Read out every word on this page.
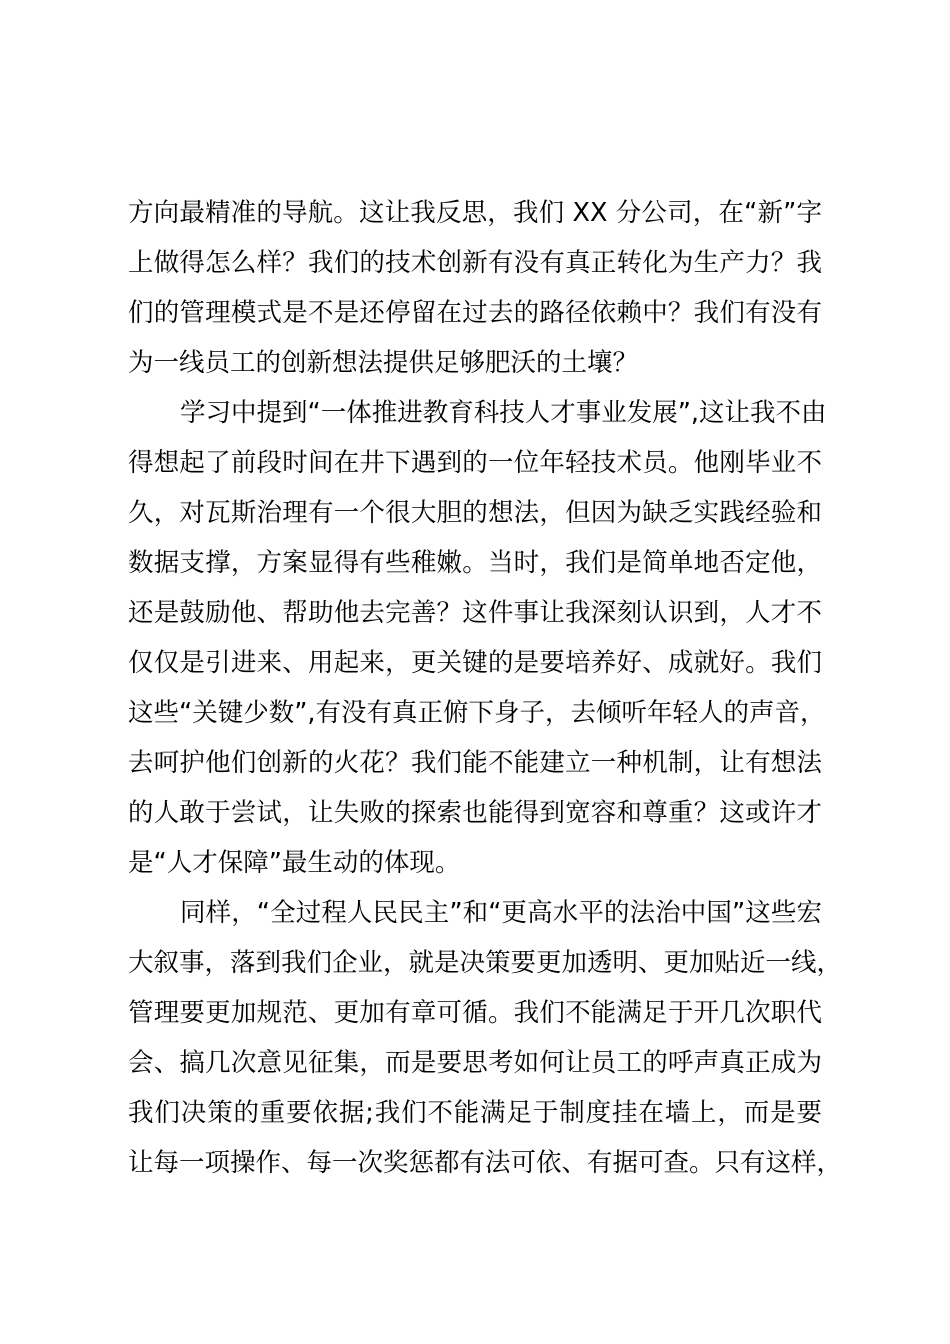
方向最精准的导航。这让我反思，我们 XX 分公司，在“新”字
上做得怎么样？我们的技术创新有没有真正转化为生产力？我
们的管理模式是不是还停留在过去的路径依赖中？我们有没有
为一线员工的创新想法提供足够肥沃的土壤？
学习中提到“一体推进教育科技人才事业发展”,这让我不由
得想起了前段时间在井下遇到的一位年轻技术员。他刚毕业不
久，对瓦斯治理有一个很大胆的想法，但因为缺乏实践经验和
数据支撑，方案显得有些稚嫩。当时，我们是简单地否定他，
还是鼓励他、帮助他去完善？这件事让我深刻认识到，人才不
仅仅是引进来、用起来，更关键的是要培养好、成就好。我们
这些“关键少数”,有没有真正俯下身子，去倾听年轻人的声音，
去呵护他们创新的火花？我们能不能建立一种机制，让有想法
的人敢于尝试，让失败的探索也能得到宽容和尊重？这或许才
是“人才保障”最生动的体现。
同样，“全过程人民民主”和“更高水平的法治中国”这些宏
大叙事，落到我们企业，就是决策要更加透明、更加贴近一线，
管理要更加规范、更加有章可循。我们不能满足于开几次职代
会、搞几次意见征集，而是要思考如何让员工的呼声真正成为
我们决策的重要依据;我们不能满足于制度挂在墙上，而是要
让每一项操作、每一次奖惩都有法可依、有据可查。只有这样，
